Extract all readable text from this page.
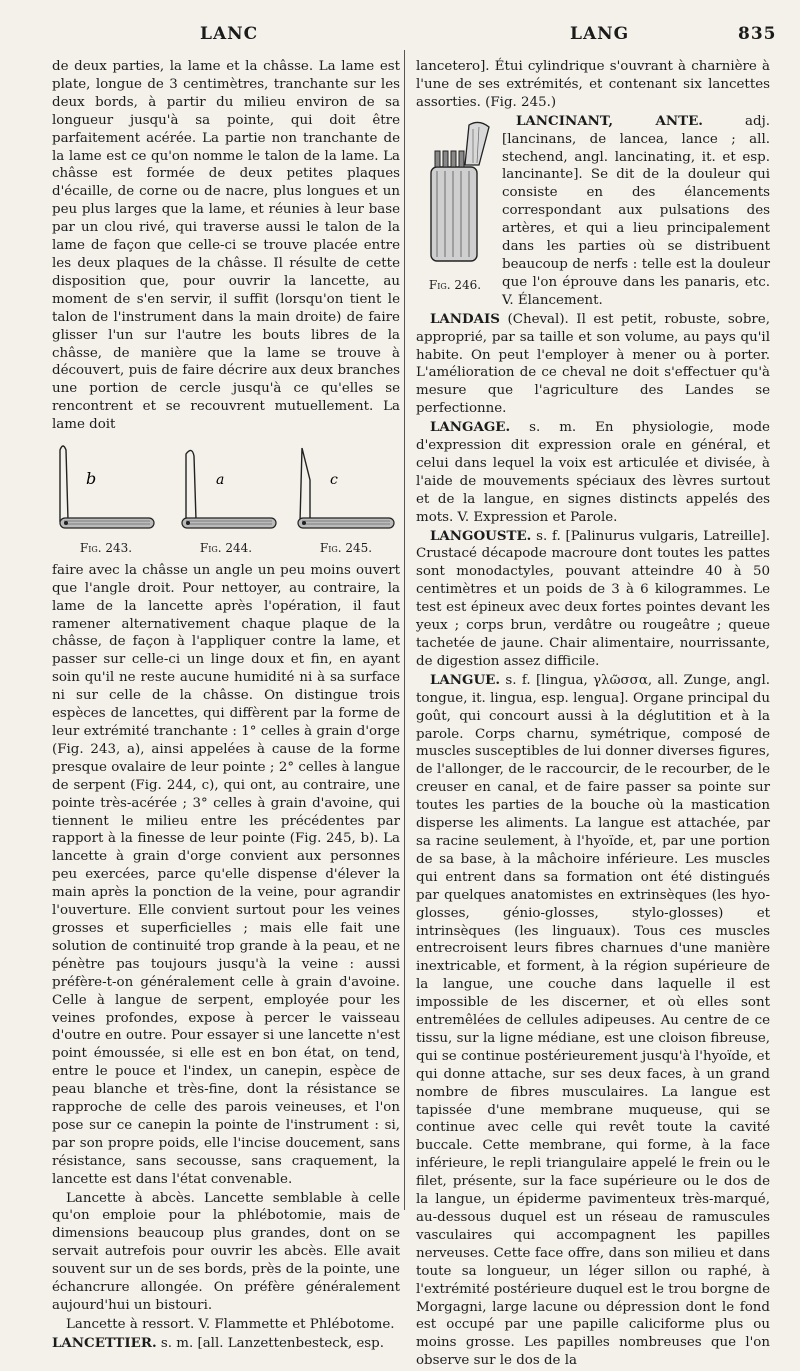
LANC	LANG	835

de deux parties, la lame et la châsse. La lame est plate, longue de 3 centimètres, tranchante sur les deux bords, à partir du milieu environ de sa longueur jusqu'à sa pointe, qui doit être parfaitement acérée. La partie non tranchante de la lame est ce qu'on nomme le talon de la lame. La châsse est formée de deux petites plaques d'écaille, de corne ou de nacre, plus longues et un peu plus larges que la lame, et réunies à leur base par un clou rivé, qui traverse aussi le talon de la lame de façon que celle-ci se trouve placée entre les deux plaques de la châsse. Il résulte de cette disposition que, pour ouvrir la lancette, au moment de s'en servir, il suffit (lorsqu'on tient le talon de l'instrument dans la main droite) de faire glisser l'un sur l'autre les bouts libres de la châsse, de manière que la lame se trouve à découvert, puis de faire décrire aux deux branches une portion de cercle jusqu'à ce qu'elles se rencontrent et se recouvrent mutuellement. La lame doit

b
Fig. 243.
a
Fig. 244.
c
Fig. 245.

faire avec la châsse un angle un peu moins ouvert que l'angle droit. Pour nettoyer, au contraire, la lame de la lancette après l'opération, il faut ramener alternativement chaque plaque de la châsse, de façon à l'appliquer contre la lame, et passer sur celle-ci un linge doux et fin, en ayant soin qu'il ne reste aucune humidité ni à sa surface ni sur celle de la châsse. On distingue trois espèces de lancettes, qui diffèrent par la forme de leur extrémité tranchante : 1° celles à grain d'orge (Fig. 243, a), ainsi appelées à cause de la forme presque ovalaire de leur pointe ; 2° celles à langue de serpent (Fig. 244, c), qui ont, au contraire, une pointe très-acérée ; 3° celles à grain d'avoine, qui tiennent le milieu entre les précédentes par rapport à la finesse de leur pointe (Fig. 245, b). La lancette à grain d'orge convient aux personnes peu exercées, parce qu'elle dispense d'élever la main après la ponction de la veine, pour agrandir l'ouverture. Elle convient surtout pour les veines grosses et superficielles ; mais elle fait une solution de continuité trop grande à la peau, et ne pénètre pas toujours jusqu'à la veine : aussi préfère-t-on généralement celle à grain d'avoine. Celle à langue de serpent, employée pour les veines profondes, expose à percer le vaisseau d'outre en outre. Pour essayer si une lancette n'est point émoussée, si elle est en bon état, on tend, entre le pouce et l'index, un canepin, espèce de peau blanche et très-fine, dont la résistance se rapproche de celle des parois veineuses, et l'on pose sur ce canepin la pointe de l'instrument : si, par son propre poids, elle l'incise doucement, sans résistance, sans secousse, sans craquement, la lancette est dans l'état convenable.

Lancette à abcès. Lancette semblable à celle qu'on emploie pour la phlébotomie, mais de dimensions beaucoup plus grandes, dont on se servait autrefois pour ouvrir les abcès. Elle avait souvent sur un de ses bords, près de la pointe, une échancrure allongée. On préfère généralement aujourd'hui un bistouri.

Lancette à ressort. V. Flammette et Phlébotome.

LANCETTIER. s. m. [all. Lanzettenbesteck, esp.

lancetero]. Étui cylindrique s'ouvrant à charnière à l'une de ses extrémités, et contenant six lancettes assorties. (Fig. 245.)

Fig. 246.

LANCINANT, ANTE. adj. [lancinans, de lancea, lance ; all. stechend, angl. lancinating, it. et esp. lancinante]. Se dit de la douleur qui consiste en des élancements correspondant aux pulsations des artères, et qui a lieu principalement dans les parties où se distribuent beaucoup de nerfs : telle est la douleur que l'on éprouve dans les panaris, etc. V. Élancement.

LANDAIS (Cheval). Il est petit, robuste, sobre, approprié, par sa taille et son volume, au pays qu'il habite. On peut l'employer à mener ou à porter. L'amélioration de ce cheval ne doit s'effectuer qu'à mesure que l'agriculture des Landes se perfectionne.

LANGAGE. s. m. En physiologie, mode d'expression dit expression orale en général, et celui dans lequel la voix est articulée et divisée, à l'aide de mouvements spéciaux des lèvres surtout et de la langue, en signes distincts appelés des mots. V. Expression et Parole.

LANGOUSTE. s. f. [Palinurus vulgaris, Latreille]. Crustacé décapode macroure dont toutes les pattes sont monodactyles, pouvant atteindre 40 à 50 centimètres et un poids de 3 à 6 kilogrammes. Le test est épineux avec deux fortes pointes devant les yeux ; corps brun, verdâtre ou rougeâtre ; queue tachetée de jaune. Chair alimentaire, nourrissante, de digestion assez difficile.

LANGUE. s. f. [lingua, γλῶσσα, all. Zunge, angl. tongue, it. lingua, esp. lengua]. Organe principal du goût, qui concourt aussi à la déglutition et à la parole. Corps charnu, symétrique, composé de muscles susceptibles de lui donner diverses figures, de l'allonger, de le raccourcir, de le recourber, de le creuser en canal, et de faire passer sa pointe sur toutes les parties de la bouche où la mastication disperse les aliments. La langue est attachée, par sa racine seulement, à l'hyoïde, et, par une portion de sa base, à la mâchoire inférieure. Les muscles qui entrent dans sa formation ont été distingués par quelques anatomistes en extrinsèques (les hyo-glosses, génio-glosses, stylo-glosses) et intrinsèques (les linguaux). Tous ces muscles entrecroisent leurs fibres charnues d'une manière inextricable, et forment, à la région supérieure de la langue, une couche dans laquelle il est impossible de les discerner, et où elles sont entremêlées de cellules adipeuses. Au centre de ce tissu, sur la ligne médiane, est une cloison fibreuse, qui se continue postérieurement jusqu'à l'hyoïde, et qui donne attache, sur ses deux faces, à un grand nombre de fibres musculaires. La langue est tapissée d'une membrane muqueuse, qui se continue avec celle qui revêt toute la cavité buccale. Cette membrane, qui forme, à la face inférieure, le repli triangulaire appelé le frein ou le filet, présente, sur la face supérieure ou le dos de la langue, un épiderme pavimenteux très-marqué, au-dessous duquel est un réseau de ramuscules vasculaires qui accompagnent les papilles nerveuses. Cette face offre, dans son milieu et dans toute sa longueur, un léger sillon ou raphé, à l'extrémité postérieure duquel est le trou borgne de Morgagni, large lacune ou dépression dont le fond est occupé par une papille caliciforme plus ou moins grosse. Les papilles nombreuses que l'on observe sur le dos de la
